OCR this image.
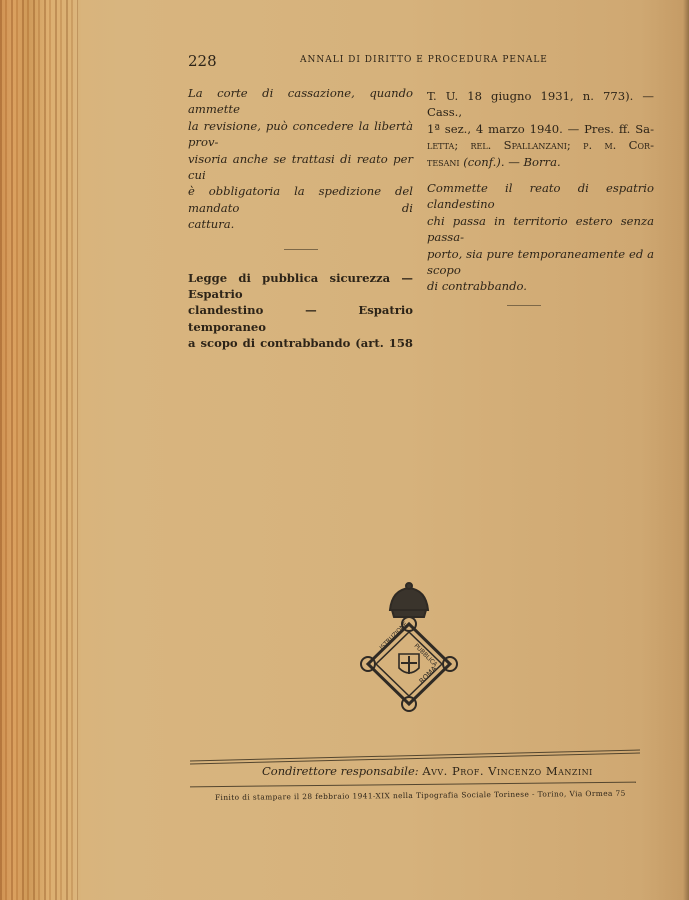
228	ANNALI DI DIRITTO E PROCEDURA PENALE

La corte di cassazione, quando ammette

la revisione, può concedere la libertà prov-

visoria anche se trattasi di reato per cui

è obbligatoria la spedizione del mandato di

cattura.

Legge di pubblica sicurezza — Espatrio

clandestino — Espatrio temporaneo

a scopo di contrabbando (art. 158

T. U. 18 giugno 1931, n. 773). — Cass.,

1ª sez., 4 marzo 1940. — Pres. ff. Sa-

letta; rel. Spallanzani; p. m. Cor-

tesani (conf.). — Borra.

Commette il reato di espatrio clandestino

chi passa in territorio estero senza passa-

porto, sia pure temporaneamente ed a scopo

di contrabbando.

PUBBLICA
ISTRUZIONE
ROMA
Condirettore responsabile: Avv. Prof. Vincenzo Manzini
Finito di stampare il 28 febbraio 1941-XIX nella Tipografia Sociale Torinese - Torino, Via Ormea 75
